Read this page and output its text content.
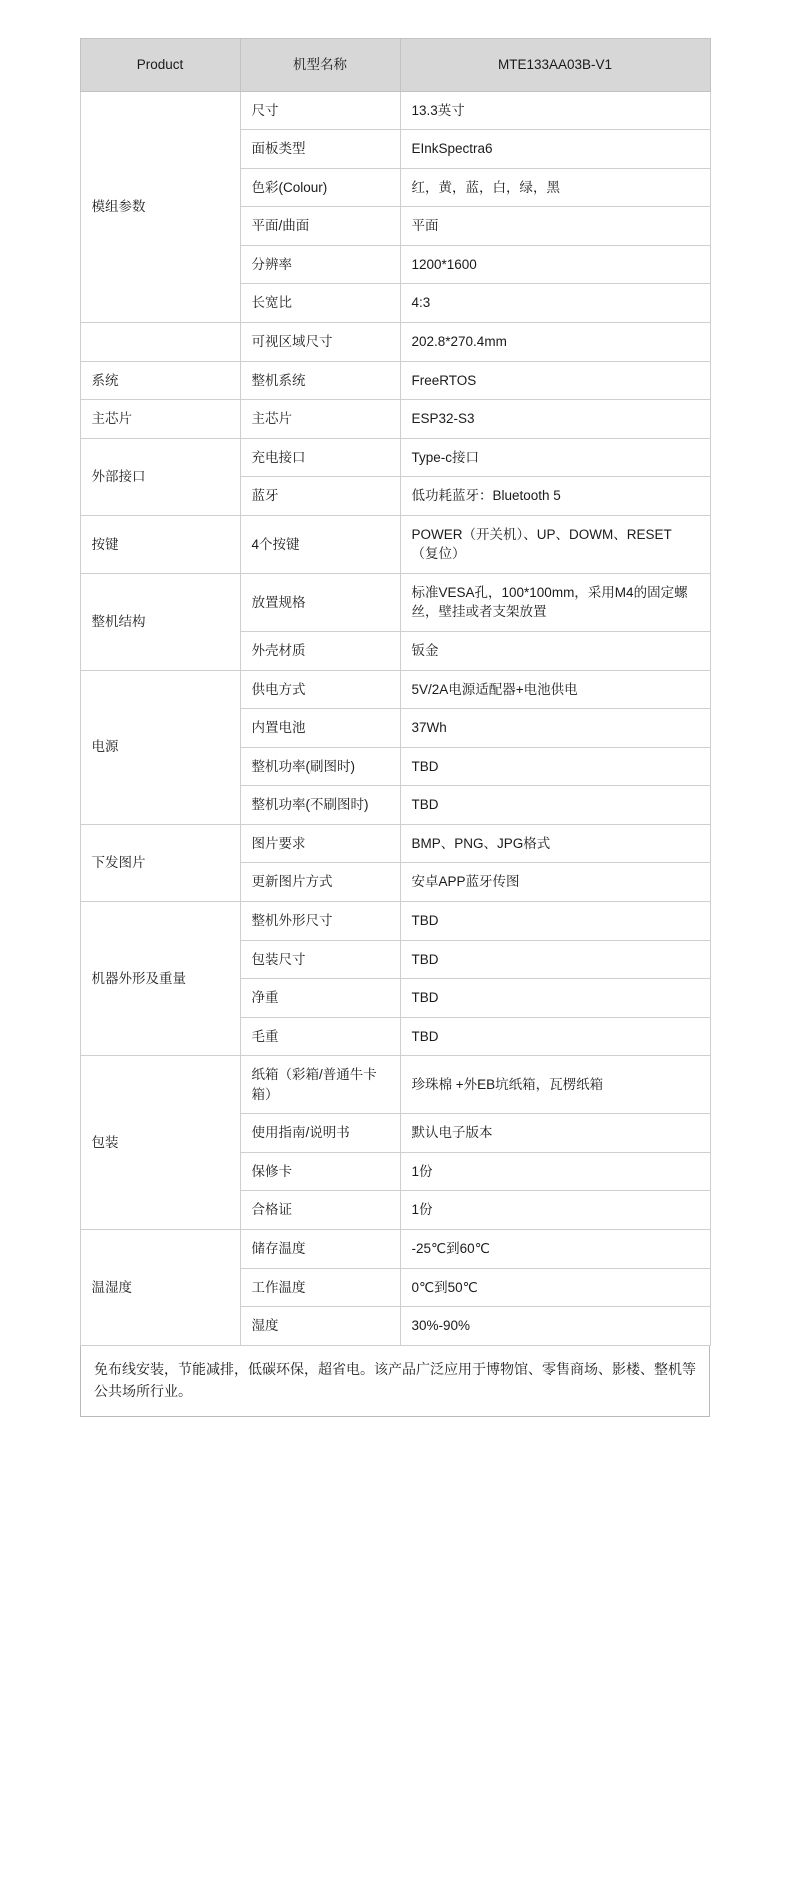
Product	机型名称	MTE133AA03B-V1
模组参数	尺寸	13.3英寸
	面板类型	EInkSpectra6
	色彩(Colour)	红，黄，蓝，白，绿，黑
	平面/曲面	平面
	分辨率	1200*1600
	长宽比	4:3
	可视区域尺寸	202.8*270.4mm
系统	整机系统	FreeRTOS
主芯片	主芯片	ESP32-S3
外部接口	充电接口	Type-c接口
	蓝牙	低功耗蓝牙：Bluetooth 5
按键	4个按键	POWER（开关机）、UP、DOWM、RESET（复位）
整机结构	放置规格	标准VESA孔，100*100mm，采用M4的固定螺丝，壁挂或者支架放置
	外壳材质	钣金
电源	供电方式	5V/2A电源适配器+电池供电
	内置电池	37Wh
	整机功率(刷图时)	TBD
	整机功率(不刷图时)	TBD
下发图片	图片要求	BMP、PNG、JPG格式
	更新图片方式	安卓APP蓝牙传图
机器外形及重量	整机外形尺寸	TBD
	包装尺寸	TBD
	净重	TBD
	毛重	TBD
包装	纸箱（彩箱/普通牛卡箱）	珍珠棉 +外EB坑纸箱，瓦楞纸箱
	使用指南/说明书	默认电子版本
	保修卡	1份
	合格证	1份
温湿度	储存温度	-25℃到60℃
	工作温度	0℃到50℃
	湿度	30%-90%
免布线安装，节能减排，低碳环保，超省电。该产品广泛应用于博物馆、零售商场、影楼、整机等公共场所行业。
